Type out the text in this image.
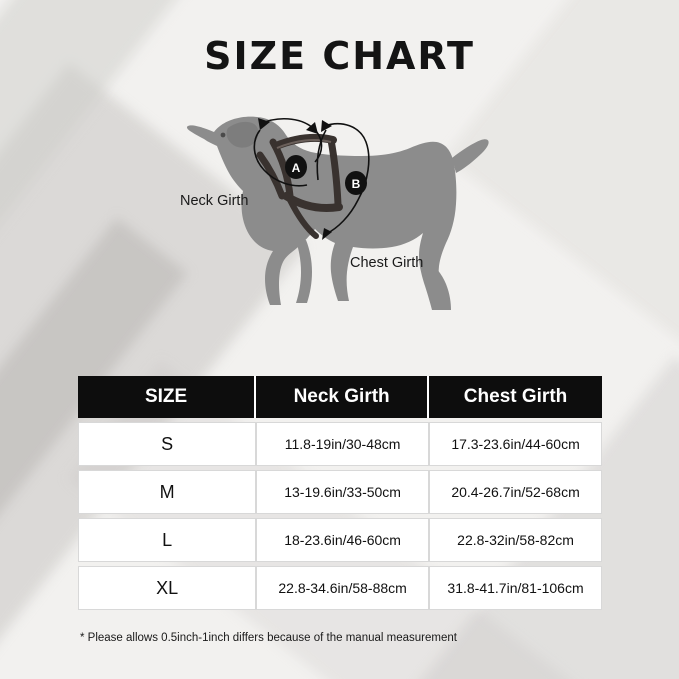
SIZE CHART
A
B
Neck Girth
Chest Girth
SIZE	Neck Girth	Chest Girth
S	11.8-19in/30-48cm	17.3-23.6in/44-60cm
M	13-19.6in/33-50cm	20.4-26.7in/52-68cm
L	18-23.6in/46-60cm	22.8-32in/58-82cm
XL	22.8-34.6in/58-88cm	31.8-41.7in/81-106cm
* Please allows 0.5inch-1inch differs because of the manual measurement
